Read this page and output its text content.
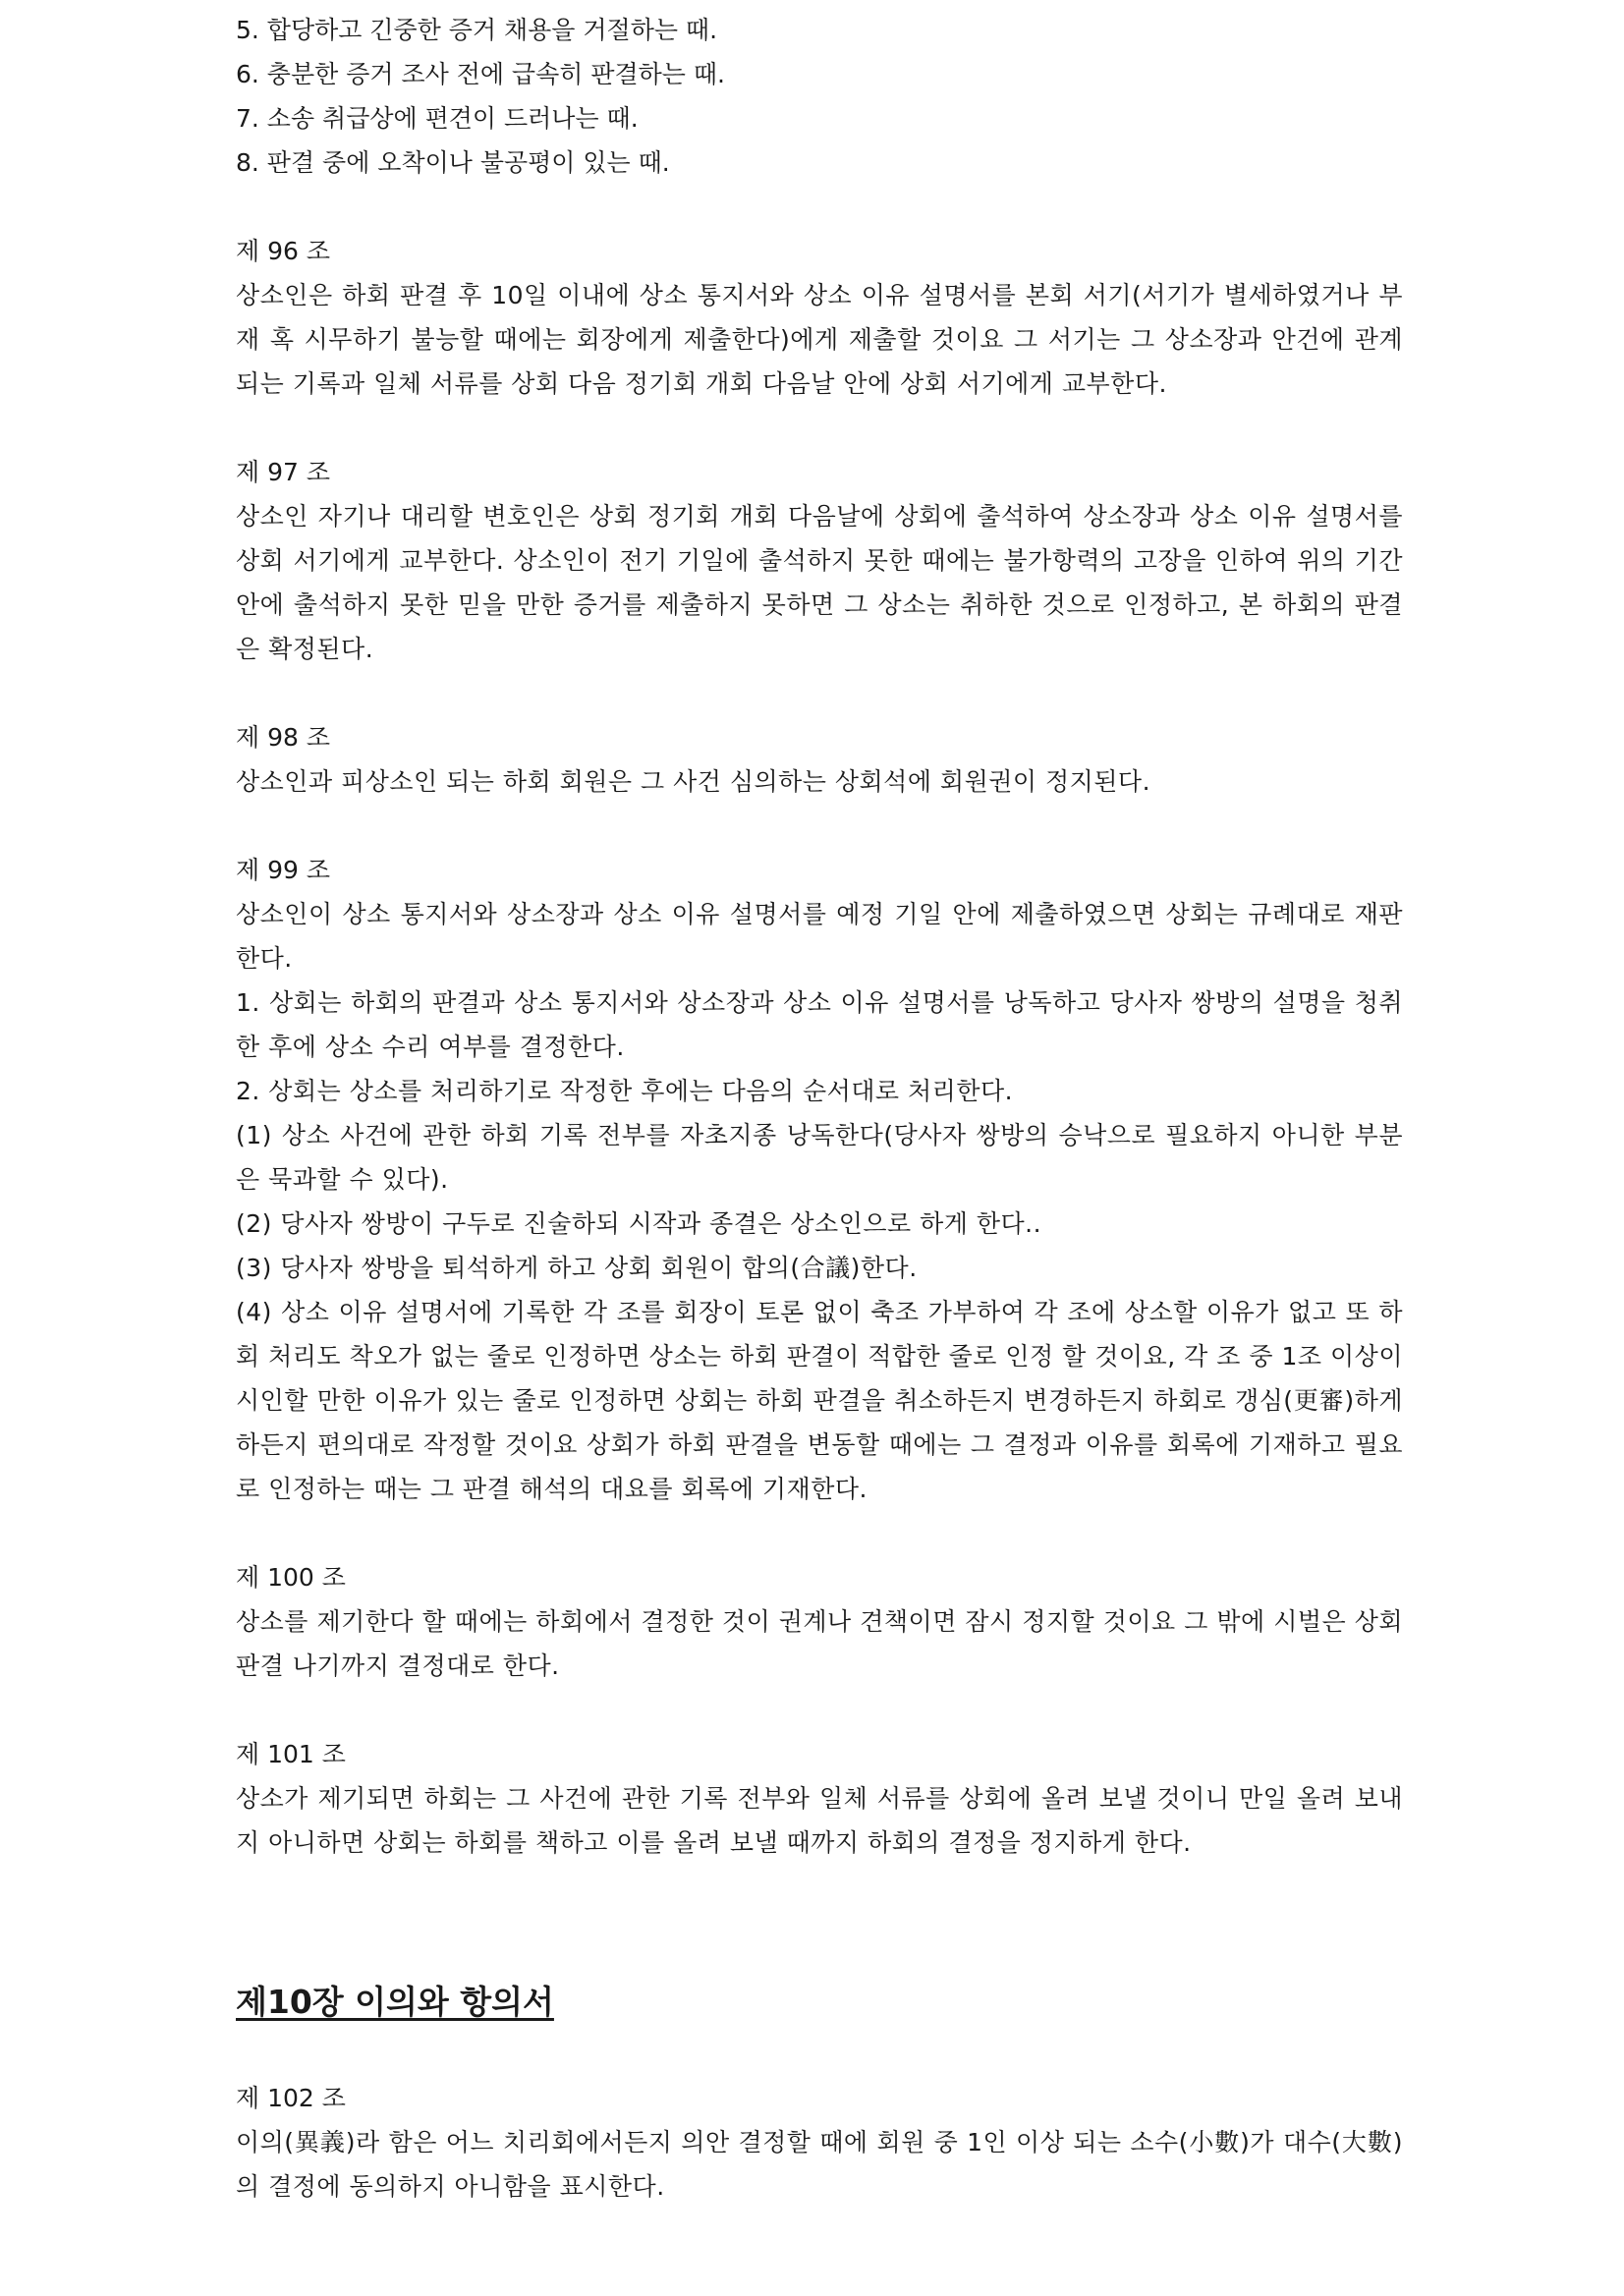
5. 합당하고 긴중한 증거 채용을 거절하는 때.
6. 충분한 증거 조사 전에 급속히 판결하는 때.
7. 소송 취급상에 편견이 드러나는 때.
8. 판결 중에 오착이나 불공평이 있는 때.
제 96 조
상소인은 하회 판결 후 10일 이내에 상소 통지서와 상소 이유 설명서를 본회 서기(서기가 별세하였거나 부재 혹 시무하기 불능할 때에는 회장에게 제출한다)에게 제출할 것이요 그 서기는 그 상소장과 안건에 관계되는 기록과 일체 서류를 상회 다음 정기회 개회 다음날 안에 상회 서기에게 교부한다.
제 97 조
상소인 자기나 대리할 변호인은 상회 정기회 개회 다음날에 상회에 출석하여 상소장과 상소 이유 설명서를 상회 서기에게 교부한다. 상소인이 전기 기일에 출석하지 못한 때에는 불가항력의 고장을 인하여 위의 기간 안에 출석하지 못한 믿을 만한 증거를 제출하지 못하면 그 상소는 취하한 것으로 인정하고, 본 하회의 판결은 확정된다.
제 98 조
상소인과 피상소인 되는 하회 회원은 그 사건 심의하는 상회석에 회원권이 정지된다.
제 99 조
상소인이 상소 통지서와 상소장과 상소 이유 설명서를 예정 기일 안에 제출하였으면 상회는 규례대로 재판한다.
1. 상회는 하회의 판결과 상소 통지서와 상소장과 상소 이유 설명서를 낭독하고 당사자 쌍방의 설명을 청취한 후에 상소 수리 여부를 결정한다.
2. 상회는 상소를 처리하기로 작정한 후에는 다음의 순서대로 처리한다.
(1) 상소 사건에 관한 하회 기록 전부를 자초지종 낭독한다(당사자 쌍방의 승낙으로 필요하지 아니한 부분은 묵과할 수 있다).
(2) 당사자 쌍방이 구두로 진술하되 시작과 종결은 상소인으로 하게 한다..
(3) 당사자 쌍방을 퇴석하게 하고 상회 회원이 합의(合議)한다.
(4) 상소 이유 설명서에 기록한 각 조를 회장이 토론 없이 축조 가부하여 각 조에 상소할 이유가 없고 또 하회 처리도 착오가 없는 줄로 인정하면 상소는 하회 판결이 적합한 줄로 인정 할 것이요, 각 조 중 1조 이상이 시인할 만한 이유가 있는 줄로 인정하면 상회는 하회 판결을 취소하든지 변경하든지 하회로 갱심(更審)하게 하든지 편의대로 작정할 것이요 상회가 하회 판결을 변동할 때에는 그 결정과 이유를 회록에 기재하고 필요로 인정하는 때는 그 판결 해석의 대요를 회록에 기재한다.
제 100 조
상소를 제기한다 할 때에는 하회에서 결정한 것이 권계나 견책이면 잠시 정지할 것이요 그 밖에 시벌은 상회 판결 나기까지 결정대로 한다.
제 101 조
상소가 제기되면 하회는 그 사건에 관한 기록 전부와 일체 서류를 상회에 올려 보낼 것이니 만일 올려 보내지 아니하면 상회는 하회를 책하고 이를 올려 보낼 때까지 하회의 결정을 정지하게 한다.
제10장 이의와 항의서
제 102 조
이의(異義)라 함은 어느 치리회에서든지 의안 결정할 때에 회원 중 1인 이상 되는 소수(小數)가 대수(大數)의 결정에 동의하지 아니함을 표시한다.
